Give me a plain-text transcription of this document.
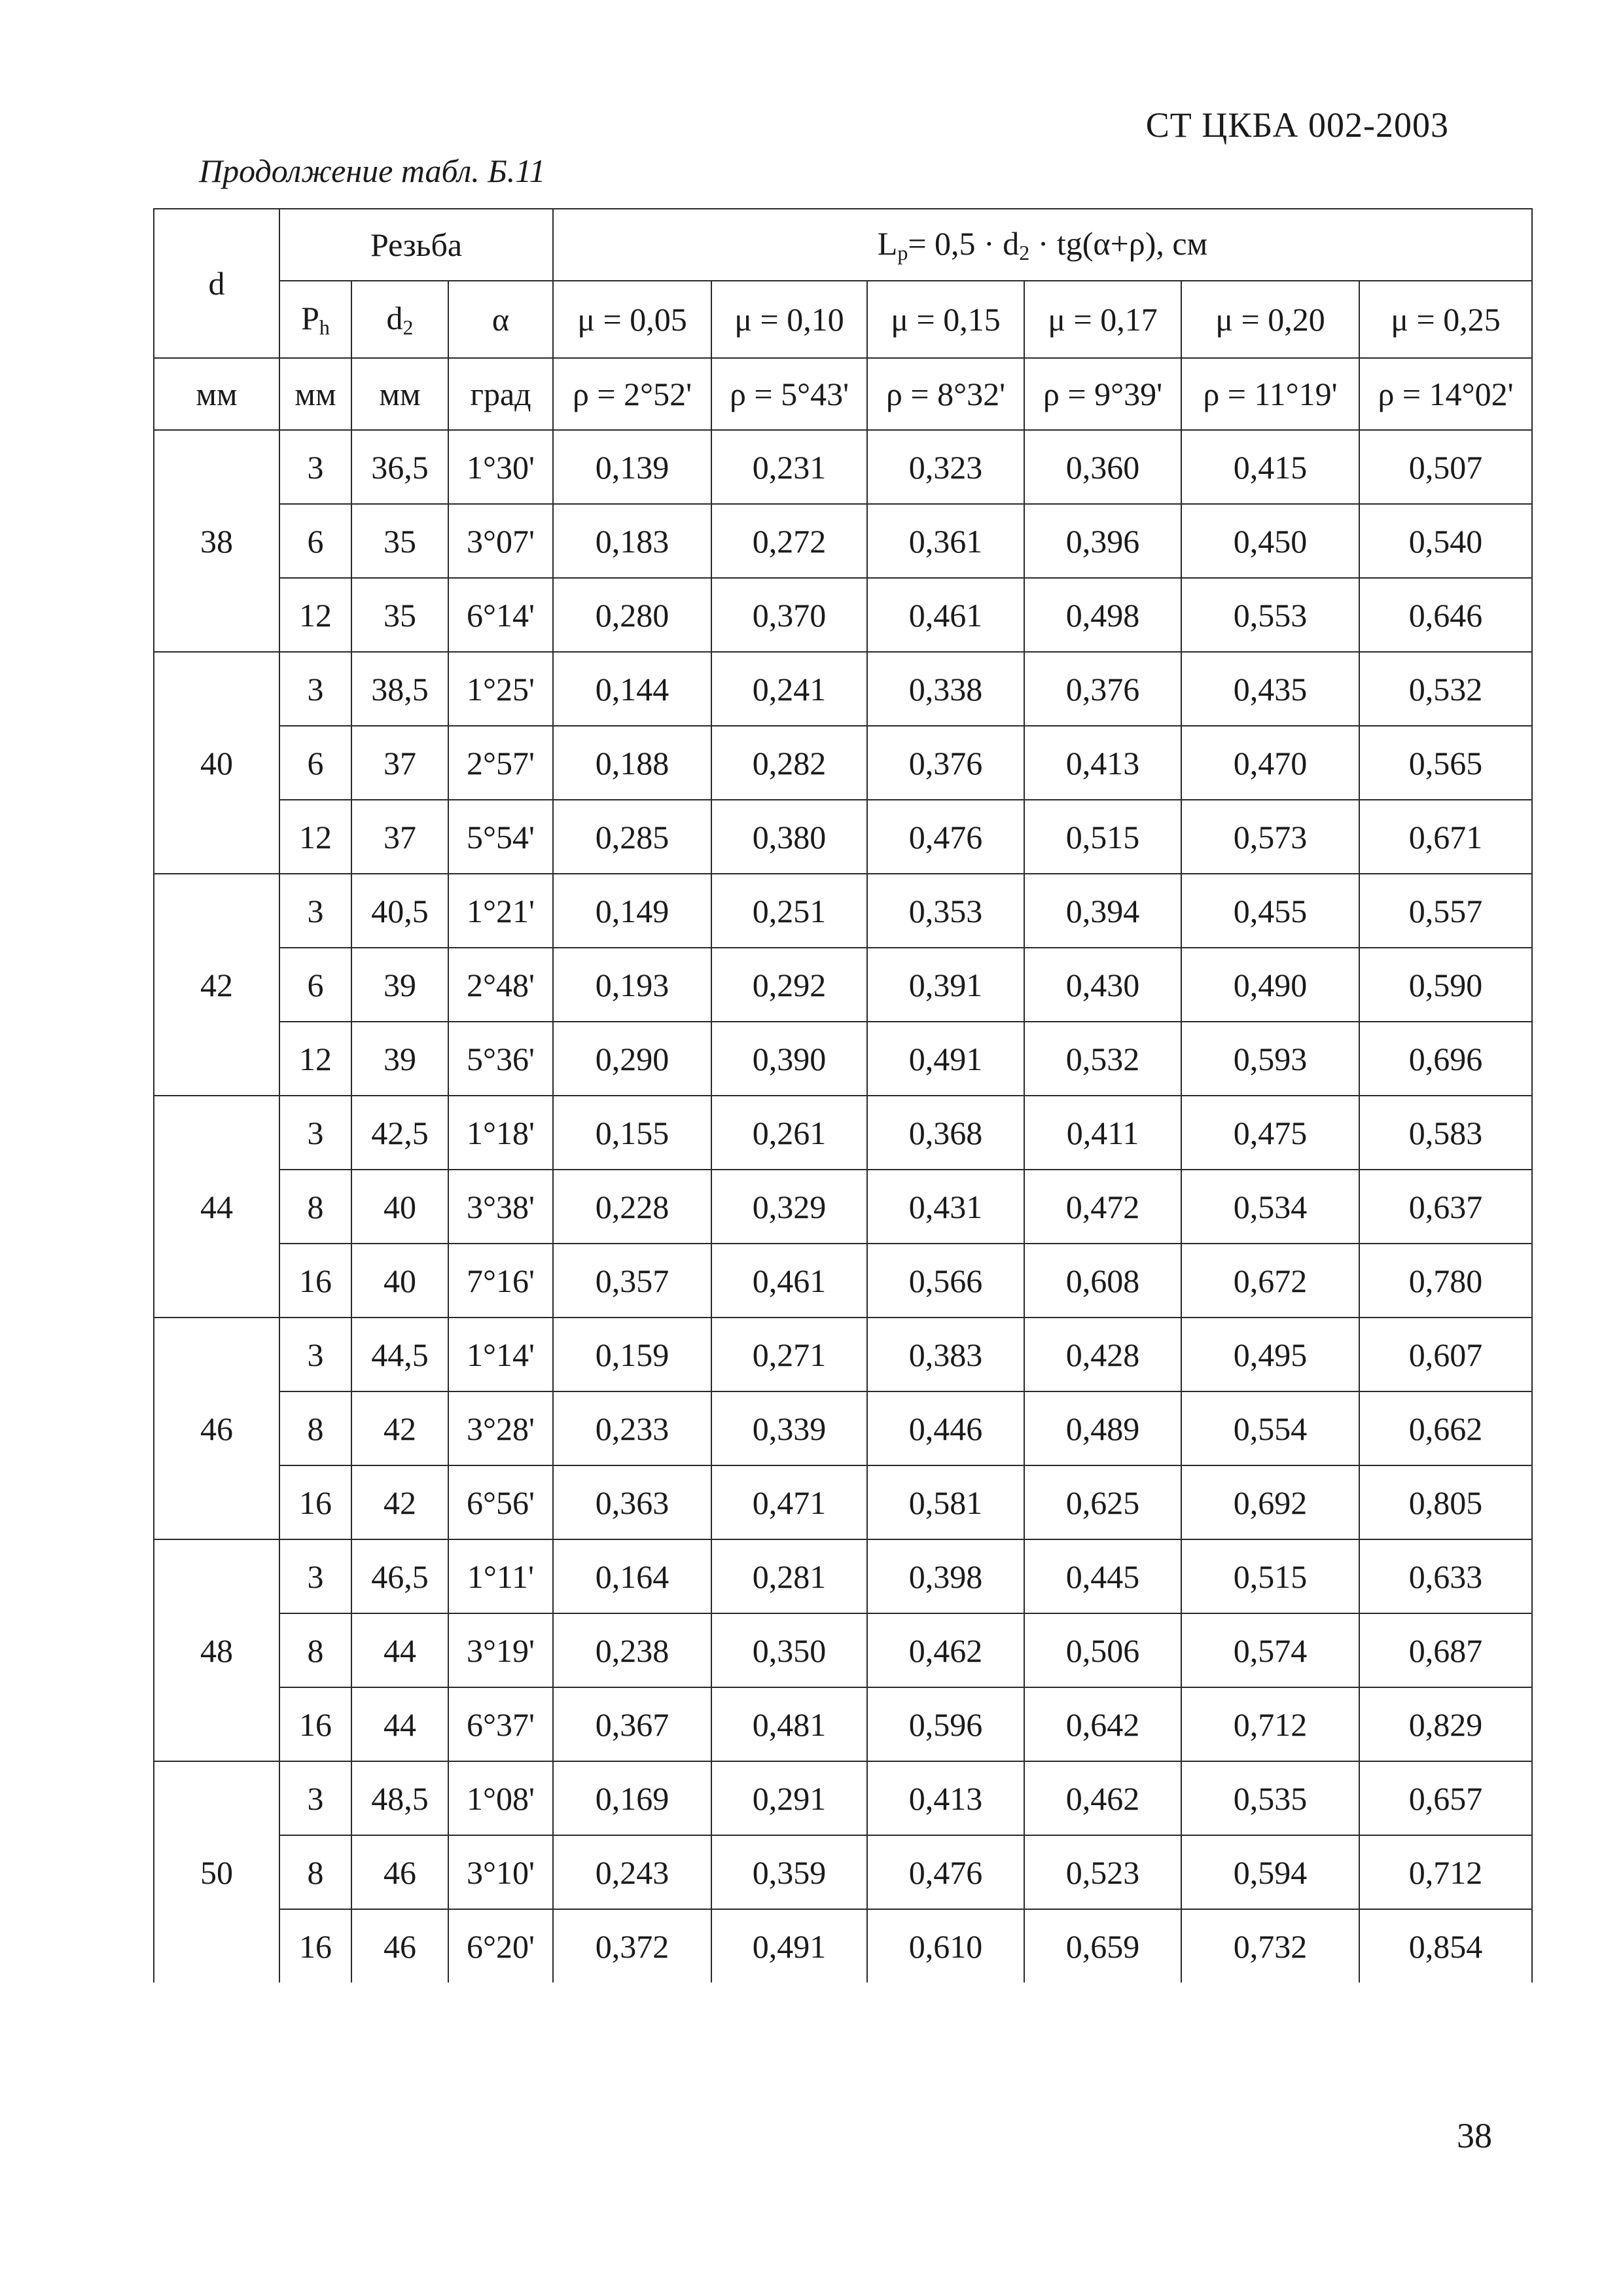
СТ ЦКБА 002-2003
Продолжение табл. Б.11
d	Резьба			$L_p= 0,5 \cdot d_2 \cdot tg(\alpha+\rho)$, см					
	$P_h$	$d_2$	α	μ = 0,05	μ = 0,10	μ = 0,15	μ = 0,17	μ = 0,20	μ = 0,25
мм	мм	мм	град	ρ = 2°52'	ρ = 5°43'	ρ = 8°32'	ρ = 9°39'	ρ = 11°19'	ρ = 14°02'
38	3	36,5	1°30'	0,139	0,231	0,323	0,360	0,415	0,507
	6	35	3°07'	0,183	0,272	0,361	0,396	0,450	0,540
	12	35	6°14'	0,280	0,370	0,461	0,498	0,553	0,646
40	3	38,5	1°25'	0,144	0,241	0,338	0,376	0,435	0,532
	6	37	2°57'	0,188	0,282	0,376	0,413	0,470	0,565
	12	37	5°54'	0,285	0,380	0,476	0,515	0,573	0,671
42	3	40,5	1°21'	0,149	0,251	0,353	0,394	0,455	0,557
	6	39	2°48'	0,193	0,292	0,391	0,430	0,490	0,590
	12	39	5°36'	0,290	0,390	0,491	0,532	0,593	0,696
44	3	42,5	1°18'	0,155	0,261	0,368	0,411	0,475	0,583
	8	40	3°38'	0,228	0,329	0,431	0,472	0,534	0,637
	16	40	7°16'	0,357	0,461	0,566	0,608	0,672	0,780
46	3	44,5	1°14'	0,159	0,271	0,383	0,428	0,495	0,607
	8	42	3°28'	0,233	0,339	0,446	0,489	0,554	0,662
	16	42	6°56'	0,363	0,471	0,581	0,625	0,692	0,805
48	3	46,5	1°11'	0,164	0,281	0,398	0,445	0,515	0,633
	8	44	3°19'	0,238	0,350	0,462	0,506	0,574	0,687
	16	44	6°37'	0,367	0,481	0,596	0,642	0,712	0,829
50	3	48,5	1°08'	0,169	0,291	0,413	0,462	0,535	0,657
	8	46	3°10'	0,243	0,359	0,476	0,523	0,594	0,712
	16	46	6°20'	0,372	0,491	0,610	0,659	0,732	0,854
38
